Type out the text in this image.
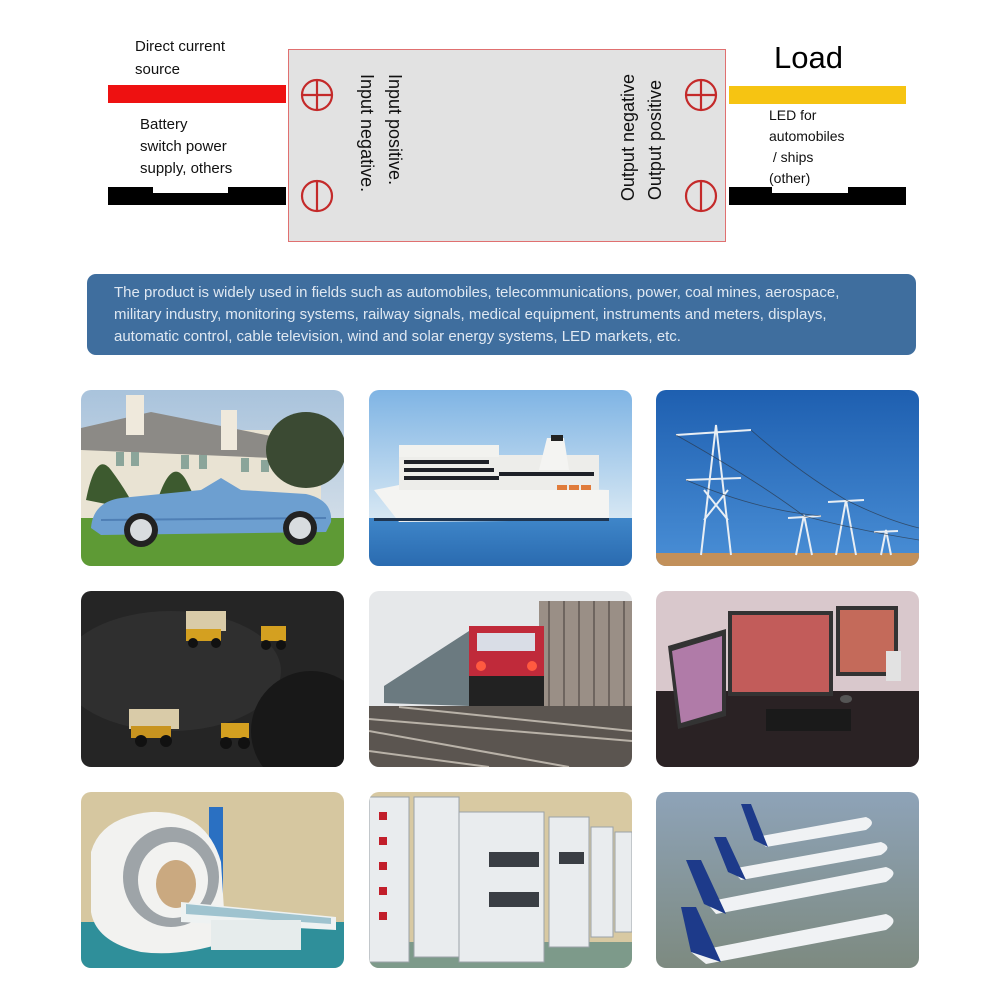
Direct current
source
Battery
switch power
supply, others	Input positive.
Input negative.	Output negative Output positive
Load
LED for
automobiles
/ ships
(other)
The product is widely used in fields such as automobiles, telecommunications, power, coal mines, aerospace,
military industry, monitoring systems, railway signals, medical equipment, instruments and meters, displays,
automatic control, cable television, wind and solar energy systems, LED markets, etc.
